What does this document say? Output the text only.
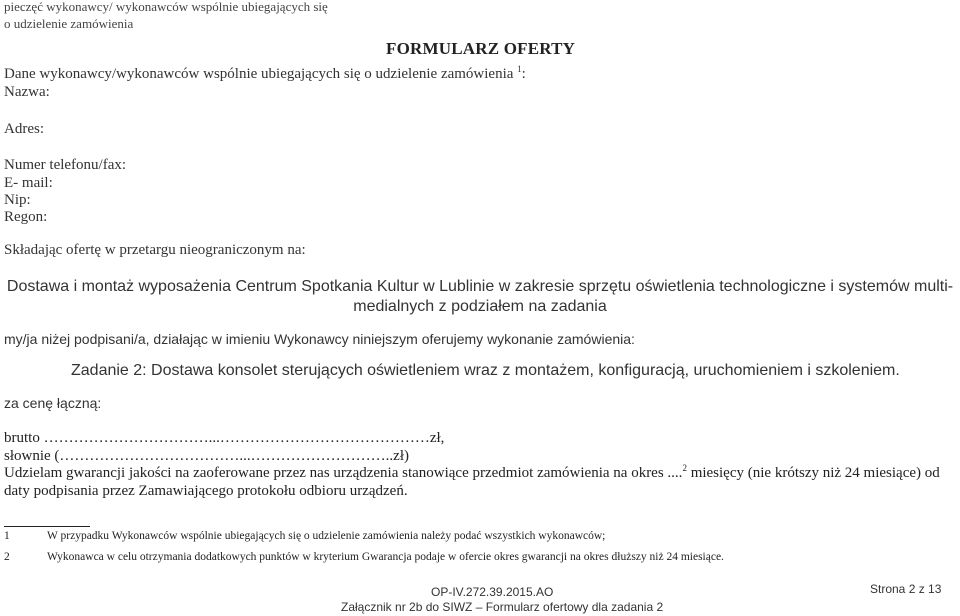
pieczęć wykonawcy/ wykonawców wspólnie ubiegających się
o udzielenie zamówienia
FORMULARZ OFERTY
Dane wykonawcy/wykonawców wspólnie ubiegających się o udzielenie zamówienia $^1$:
Nazwa:
Adres:
Numer telefonu/fax:
E- mail:
Nip:
Regon:
Składając ofertę w przetargu nieograniczonym na:
Dostawa i montaż wyposażenia Centrum Spotkania Kultur w Lublinie w zakresie sprzętu oświetlenia technologiczne i systemów multi-medialnych z podziałem na zadania
my/ja niżej podpisani/a, działając w imieniu Wykonawcy niniejszym oferujemy wykonanie zamówienia:
Zadanie 2: Dostawa konsolet sterujących oświetleniem wraz z montażem, konfiguracją, uruchomieniem i szkoleniem.
za cenę łączną:
brutto ……………………………...……………………………………zł,
słownie (………………………………...………………………..zł)
Udzielam gwarancji jakości na zaoferowane przez nas urządzenia stanowiące przedmiot zamówienia na okres ....$^2$ miesięcy (nie krótszy niż 24 miesiące) od
daty podpisania przez Zamawiającego protokołu odbioru urządzeń.
1	W przypadku Wykonawców wspólnie ubiegających się o udzielenie zamówienia należy podać wszystkich wykonawców;
2	Wykonawca w celu otrzymania dodatkowych punktów w kryterium Gwarancja podaje w ofercie okres gwarancji na okres dłuższy niż 24 miesiące.
OP-IV.272.39.2015.AO
Załącznik nr 2b do SIWZ – Formularz ofertowy dla zadania 2
Strona 2 z 13
